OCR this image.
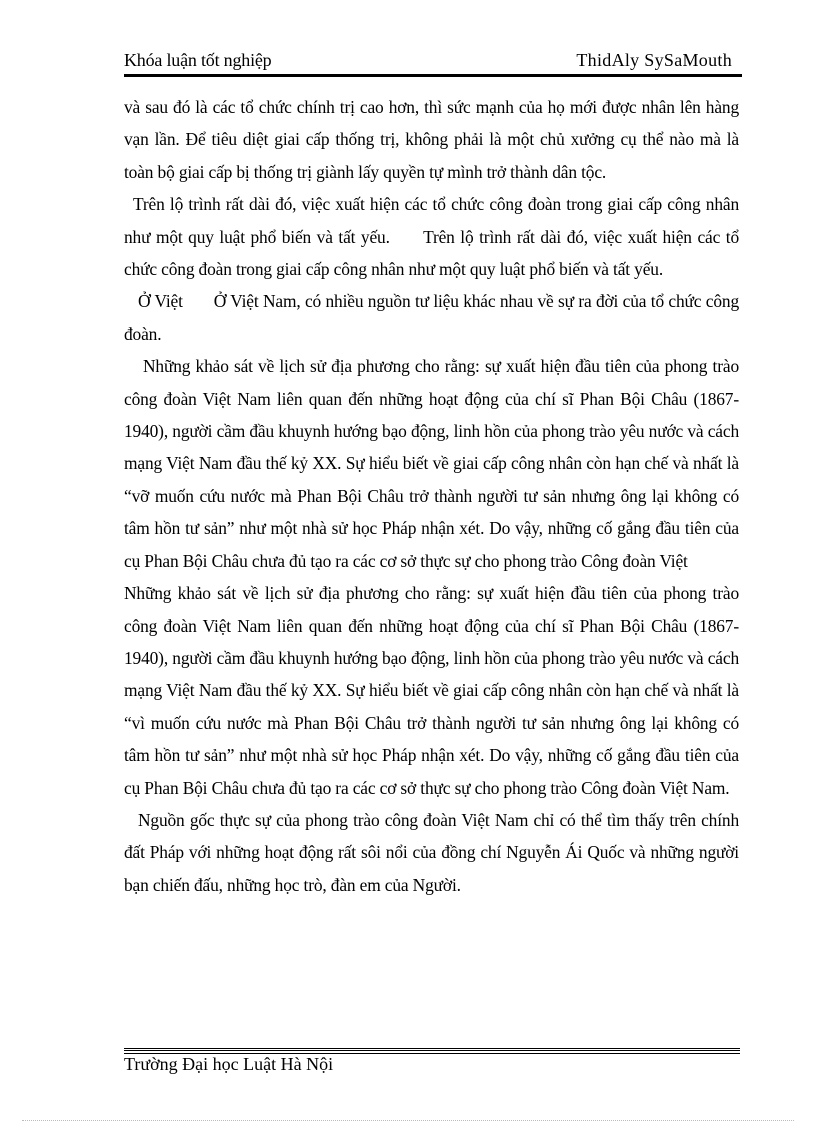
Khóa luận tốt nghiệp	ThidAly SySaMouth

và sau đó là các tổ chức chính trị cao hơn, thì sức mạnh của họ mới được nhân lên hàng vạn lần. Để tiêu diệt giai cấp thống trị, không phải là một chủ xưởng cụ thể nào mà là toàn bộ giai cấp bị thống trị giành lấy quyền tự mình trở thành dân tộc.

Trên lộ trình rất dài đó, việc xuất hiện các tổ chức công đoàn trong giai cấp công nhân như một quy luật phổ biến và tất yếu.      Trên lộ trình rất dài đó, việc xuất hiện các tổ chức công đoàn trong giai cấp công nhân như một quy luật phổ biến và tất yếu.

Ở Việt       Ở Việt Nam, có nhiều nguồn tư liệu khác nhau về sự ra đời của tổ chức công đoàn.

Những khảo sát về lịch sử địa phương cho rằng: sự xuất hiện đầu tiên của phong trào công đoàn Việt Nam liên quan đến những hoạt động của chí sĩ Phan Bội Châu (1867-1940), người cầm đầu khuynh hướng bạo động, linh hồn của phong trào yêu nước và cách mạng Việt Nam đầu thế kỷ XX. Sự hiểu biết về giai cấp công nhân còn hạn chế và nhất là “vỡ muốn cứu nước mà Phan Bội Châu trở thành người tư sản nhưng ông lại không có tâm hồn tư sản” như một nhà sử học Pháp nhận xét. Do vậy, những cố gắng đầu tiên của cụ Phan Bội Châu chưa đủ tạo ra các cơ sở thực sự cho phong trào Công đoàn Việt

Những khảo sát về lịch sử địa phương cho rằng: sự xuất hiện đầu tiên của phong trào công đoàn Việt Nam liên quan đến những hoạt động của chí sĩ Phan Bội Châu (1867-1940), người cầm đầu khuynh hướng bạo động, linh hồn của phong trào yêu nước và cách mạng Việt Nam đầu thế kỷ XX. Sự hiểu biết về giai cấp công nhân còn hạn chế và nhất là  “vì muốn cứu nước mà Phan Bội Châu trở thành người tư sản nhưng ông lại không có tâm hồn tư sản” như một nhà sử học Pháp nhận xét. Do vậy, những cố gắng đầu tiên của cụ Phan Bội Châu chưa đủ tạo ra các cơ sở thực sự cho phong trào Công đoàn Việt Nam.

Nguồn gốc thực sự của phong trào công đoàn Việt Nam chỉ có thể tìm thấy trên chính đất Pháp với những hoạt động rất sôi nổi của đồng chí Nguyễn Ái Quốc và những người bạn chiến đấu, những học trò, đàn em của Người.

Trường Đại học Luật Hà Nội
